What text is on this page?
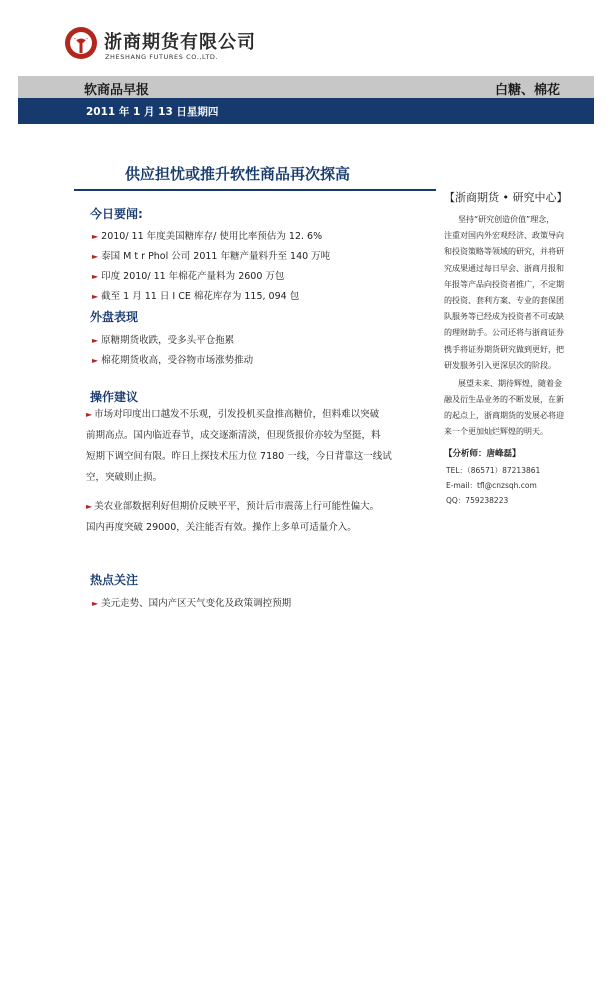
浙商期货有限公司
ZHESHANG FUTURES CO.,LTD.
软商品早报	白糖、棉花
2011 年 1 月 13 日星期四
供应担忧或推升软性商品再次探高
今日要闻:
► 2010/ 11 年度美国糖库存/ 使用比率预估为 12. 6%
► 泰国 M t r Phol 公司 2011 年糖产量料升至 140 万吨
► 印度 2010/ 11 年棉花产量料为 2600 万包
► 截至 1 月 11 日 I CE 棉花库存为 115, 094 包
外盘表现
► 原糖期货收跌，受多头平仓拖累
► 棉花期货收高，受谷物市场涨势推动
操作建议
► 市场对印度出口越发不乐观，引发投机买盘推高糖价，但料难以突破
前期高点。国内临近春节，成交逐渐清淡，但现货报价亦较为坚挺，料
短期下调空间有限。昨日上探技术压力位 7180 一线，今日背靠这一线试
空，突破则止损。
► 美农业部数据利好但期价反映平平，预计后市震荡上行可能性偏大。
国内再度突破 29000，关注能否有效。操作上多单可适量介入。
热点关注
► 美元走势、国内产区天气变化及政策调控预期
【浙商期货 • 研究中心】
坚持“研究创造价值”理念，
注重对国内外宏观经济、政策导向
和投资策略等领域的研究，并将研
究成果通过每日早会、浙商月报和
年报等产品向投资者推广，不定期
的投资、套利方案、专业的套保团
队服务等已经成为投资者不可或缺
的理财助手。公司还将与浙商证券
携手将证券期货研究做到更好，把
研发服务引入更深层次的阶段。
展望未来、期待辉煌，随着金
融及衍生品业务的不断发展，在新
的起点上，浙商期货的发展必将迎
来一个更加灿烂辉煌的明天。
【分析师：唐峰磊】
TEL：（86571）87213861
E-mail：tfl@cnzsqh.com
QQ：759238223
